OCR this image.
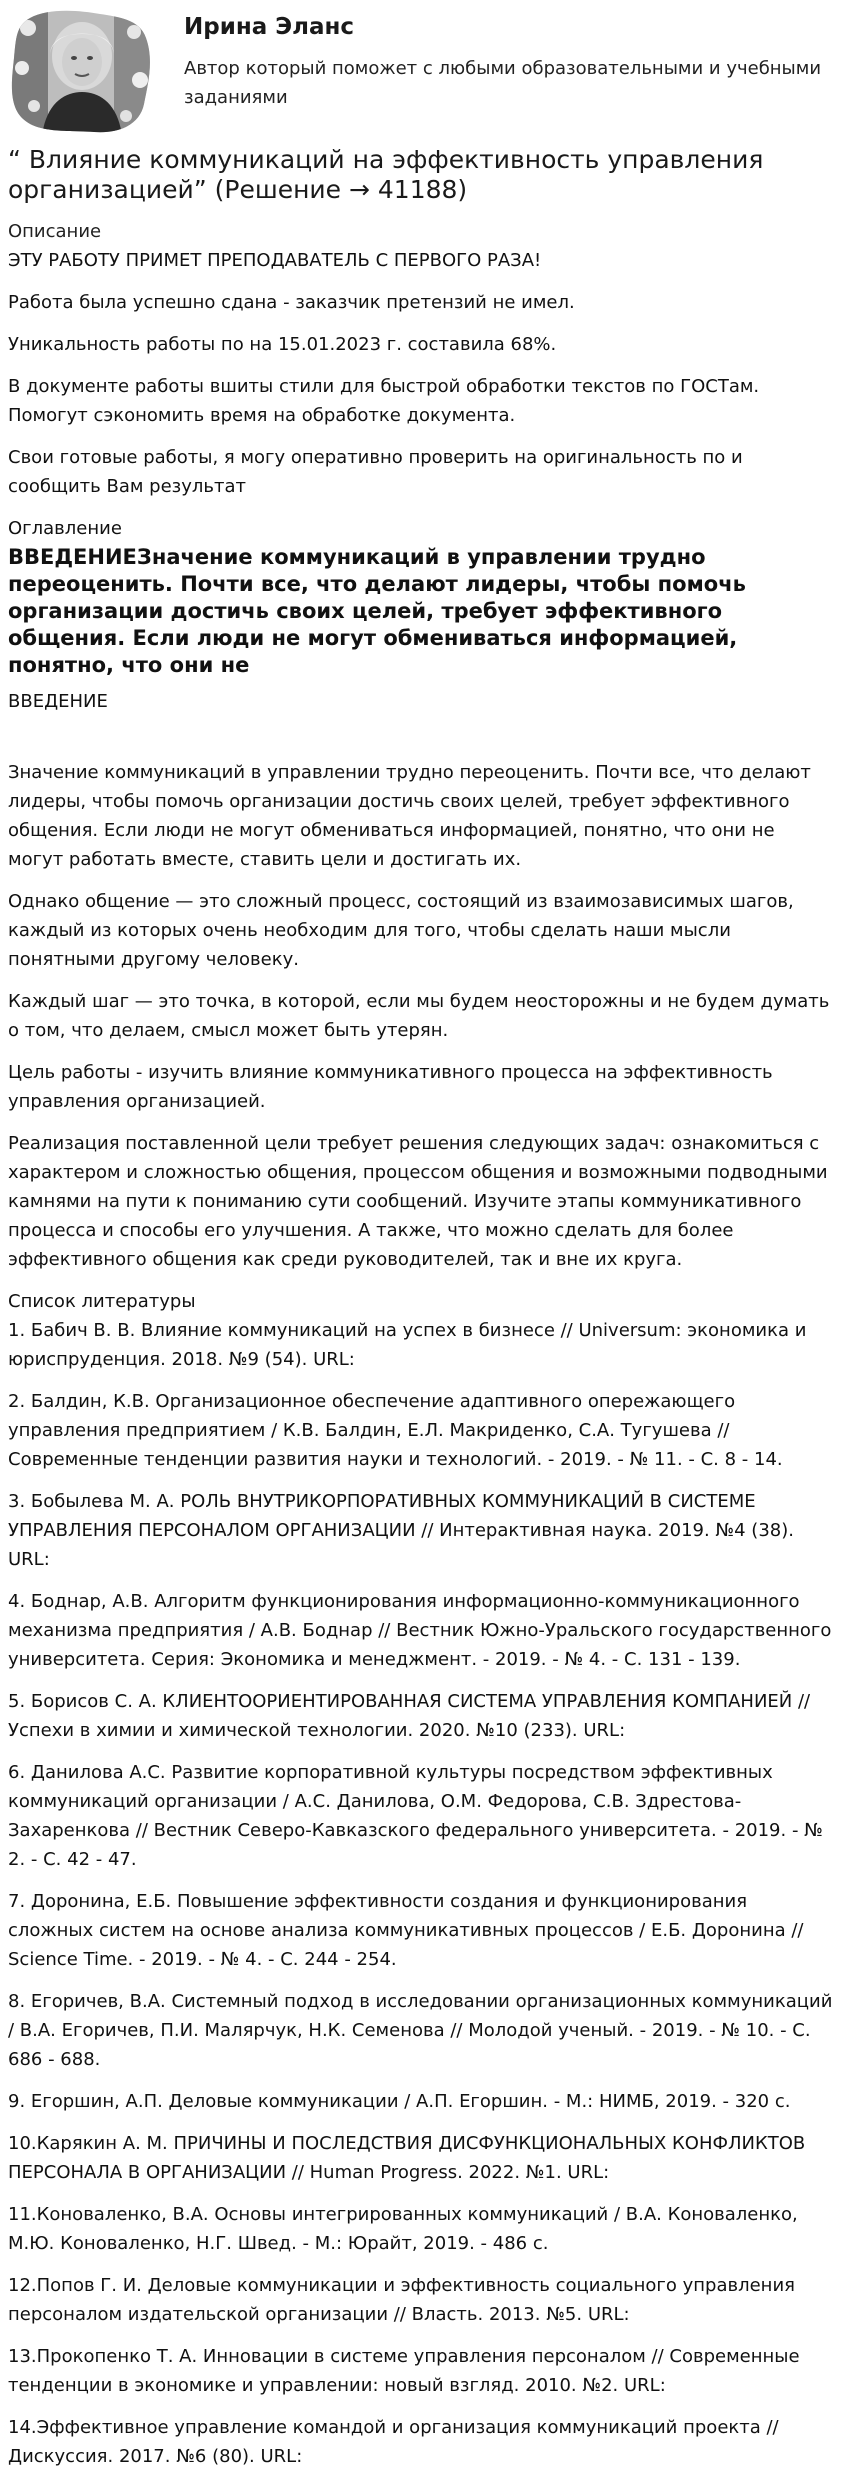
Ирина Эланс
Автор который поможет с любыми образовательными и учебными заданиями
“ Влияние коммуникаций на эффективность управления организацией” (Решение → 41188)
Описание

ЭТУ РАБОТУ ПРИМЕТ ПРЕПОДАВАТЕЛЬ С ПЕРВОГО РАЗА!

Работа была успешно сдана - заказчик претензий не имел.

Уникальность работы по на 15.01.2023 г. составила 68%.

В документе работы вшиты стили для быстрой обработки текстов по ГОСТам. Помогут сэкономить время на обработке документа.

Свои готовые работы, я могу оперативно проверить на оригинальность по и сообщить Вам результат

Оглавление
ВВЕДЕНИЕЗначение коммуникаций в управлении трудно переоценить. Почти все, что делают лидеры, чтобы помочь организации достичь своих целей, требует эффективного общения. Если люди не могут обмениваться информацией, понятно, что они не
ВВЕДЕНИЕ

Значение коммуникаций в управлении трудно переоценить. Почти все, что делают лидеры, чтобы помочь организации достичь своих целей, требует эффективного общения. Если люди не могут обмениваться информацией, понятно, что они не могут работать вместе, ставить цели и достигать их.

Однако общение — это сложный процесс, состоящий из взаимозависимых шагов, каждый из которых очень необходим для того, чтобы сделать наши мысли понятными другому человеку.

Каждый шаг — это точка, в которой, если мы будем неосторожны и не будем думать о том, что делаем, смысл может быть утерян.

Цель работы - изучить влияние коммуникативного процесса на эффективность управления организацией.

Реализация поставленной цели требует решения следующих задач: ознакомиться с характером и сложностью общения, процессом общения и возможными подводными камнями на пути к пониманию сути сообщений. Изучите этапы коммуникативного процесса и способы его улучшения. А также, что можно сделать для более эффективного общения как среди руководителей, так и вне их круга.

Список литературы

1. Бабич В. В. Влияние коммуникаций на успех в бизнесе // Universum: экономика и юриспруденция. 2018. №9 (54). URL:

2. Балдин, К.В. Организационное обеспечение адаптивного опережающего управления предприятием / К.В. Балдин, Е.Л. Макриденко, С.А. Тугушева // Современные тенденции развития науки и технологий. - 2019. - № 11. - С. 8 - 14.

3. Бобылева М. А. РОЛЬ ВНУТРИКОРПОРАТИВНЫХ КОММУНИКАЦИЙ В СИСТЕМЕ УПРАВЛЕНИЯ ПЕРСОНАЛОМ ОРГАНИЗАЦИИ // Интерактивная наука. 2019. №4 (38). URL:

4. Боднар, А.В. Алгоритм функционирования информационно-коммуникационного механизма предприятия / А.В. Боднар // Вестник Южно-Уральского государственного университета. Серия: Экономика и менеджмент. - 2019. - № 4. - С. 131 - 139.

5. Борисов С. А. КЛИЕНТООРИЕНТИРОВАННАЯ СИСТЕМА УПРАВЛЕНИЯ КОМПАНИЕЙ // Успехи в химии и химической технологии. 2020. №10 (233). URL:

6. Данилова А.С. Развитие корпоративной культуры посредством эффективных коммуникаций организации / А.С. Данилова, О.М. Федорова, С.В. Здрестова-Захаренкова // Вестник Северо-Кавказского федерального университета. - 2019. - № 2. - С. 42 - 47.

7. Доронина, Е.Б. Повышение эффективности создания и функционирования сложных систем на основе анализа коммуникативных процессов / Е.Б. Доронина // Science Time. - 2019. - № 4. - С. 244 - 254.

8. Егоричев, В.А. Системный подход в исследовании организационных коммуникаций / В.А. Егоричев, П.И. Малярчук, Н.К. Семенова // Молодой ученый. - 2019. - № 10. - С. 686 - 688.

9. Егоршин, А.П. Деловые коммуникации / А.П. Егоршин. - М.: НИМБ, 2019. - 320 с.

10.Карякин А. М. ПРИЧИНЫ И ПОСЛЕДСТВИЯ ДИСФУНКЦИОНАЛЬНЫХ КОНФЛИКТОВ ПЕРСОНАЛА В ОРГАНИЗАЦИИ // Human Progress. 2022. №1. URL:

11.Коноваленко, В.А. Основы интегрированных коммуникаций / В.А. Коноваленко, М.Ю. Коноваленко, Н.Г. Швед. - М.: Юрайт, 2019. - 486 с.

12.Попов Г. И. Деловые коммуникации и эффективность социального управления персоналом издательской организации // Власть. 2013. №5. URL:

13.Прокопенко Т. А. Инновации в системе управления персоналом // Современные тенденции в экономике и управлении: новый взгляд. 2010. №2. URL:

14.Эффективное управление командой и организация коммуникаций проекта // Дискуссия. 2017. №6 (80). URL:
